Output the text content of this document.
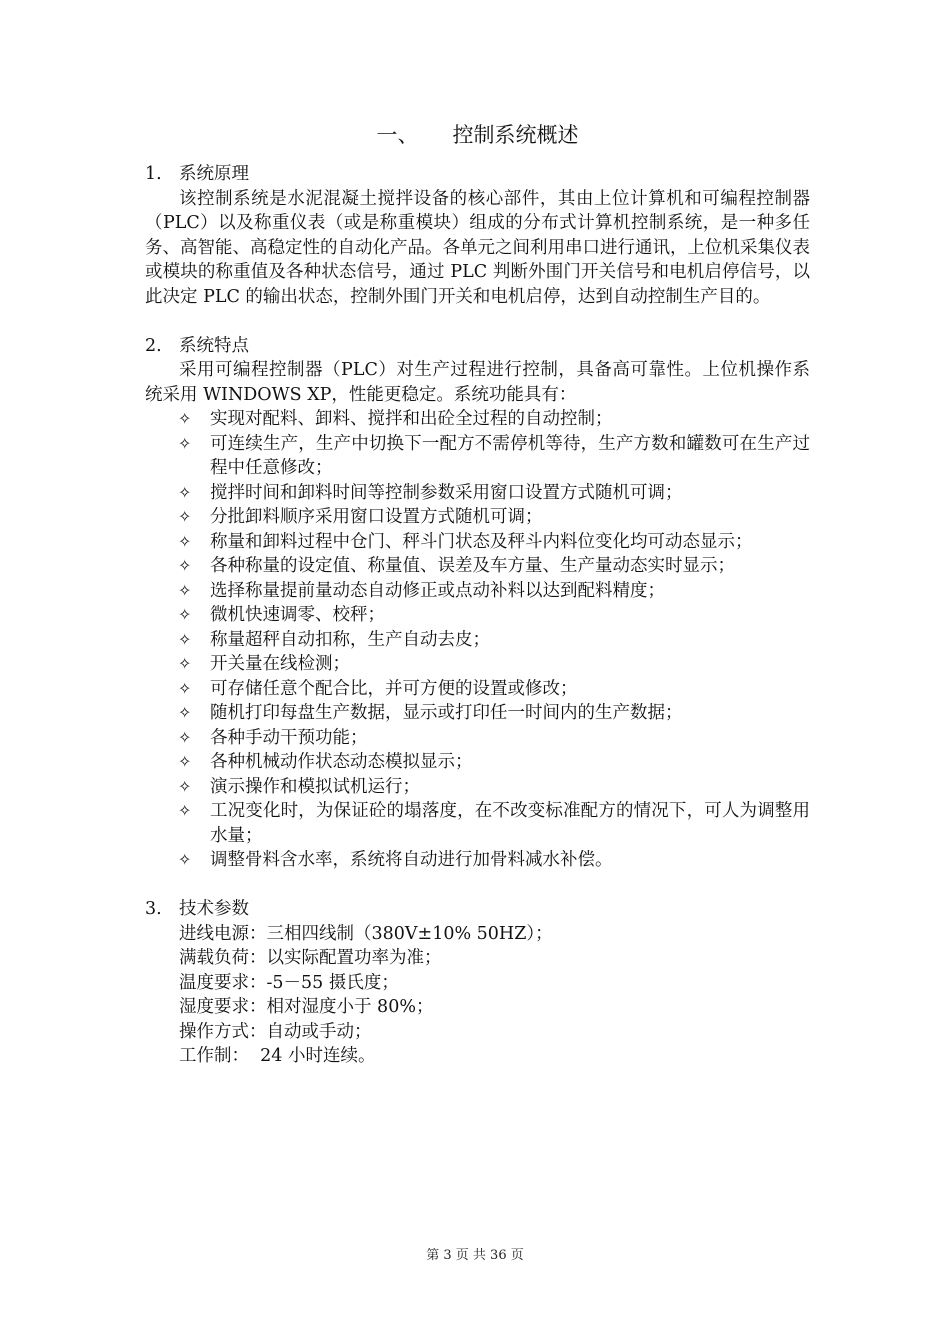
一、 控制系统概述

1. 系统原理

该控制系统是水泥混凝土搅拌设备的核心部件，其由上位计算机和可编程控制器（PLC）以及称重仪表（或是称重模块）组成的分布式计算机控制系统，是一种多任务、高智能、高稳定性的自动化产品。各单元之间利用串口进行通讯，上位机采集仪表或模块的称重值及各种状态信号，通过 PLC 判断外围门开关信号和电机启停信号，以此决定 PLC 的输出状态，控制外围门开关和电机启停，达到自动控制生产目的。

2. 系统特点

采用可编程控制器（PLC）对生产过程进行控制，具备高可靠性。上位机操作系统采用 WINDOWS XP，性能更稳定。系统功能具有：

✧ 实现对配料、卸料、搅拌和出砼全过程的自动控制；
✧ 可连续生产，生产中切换下一配方不需停机等待，生产方数和罐数可在生产过程中任意修改；
✧ 搅拌时间和卸料时间等控制参数采用窗口设置方式随机可调；
✧ 分批卸料顺序采用窗口设置方式随机可调；
✧ 称量和卸料过程中仓门、秤斗门状态及秤斗内料位变化均可动态显示；
✧ 各种称量的设定值、称量值、误差及车方量、生产量动态实时显示；
✧ 选择称量提前量动态自动修正或点动补料以达到配料精度；
✧ 微机快速调零、校秤；
✧ 称量超秤自动扣称，生产自动去皮；
✧ 开关量在线检测；
✧ 可存储任意个配合比，并可方便的设置或修改；
✧ 随机打印每盘生产数据，显示或打印任一时间内的生产数据；
✧ 各种手动干预功能；
✧ 各种机械动作状态动态模拟显示；
✧ 演示操作和模拟试机运行；
✧ 工况变化时，为保证砼的塌落度，在不改变标准配方的情况下，可人为调整用水量；
✧ 调整骨料含水率，系统将自动进行加骨料减水补偿。

3. 技术参数

进线电源：三相四线制（380V±10% 50HZ）；

满载负荷：以实际配置功率为准；

温度要求：-5－55 摄氏度；

湿度要求：相对湿度小于 80%；

操作方式：自动或手动；

工作制：  24 小时连续。

第 3 页 共 36 页
